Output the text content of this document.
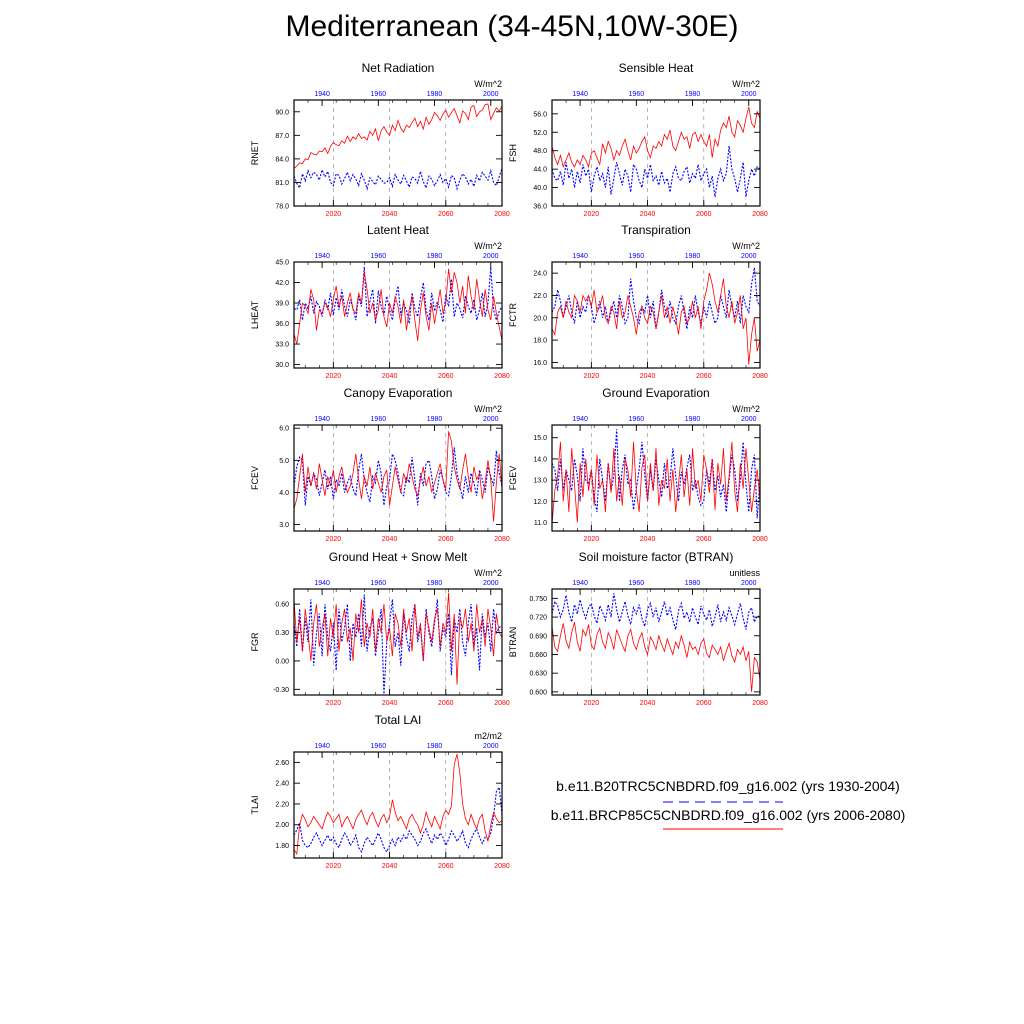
Mediterranean (34-45N,10W-30E)
Net Radiation
W/m^2
RNET
2020	2040	2060	2080
1940	1960	1980	2000
78.0
81.0
84.0
87.0
90.0
Sensible Heat
W/m^2
FSH
2020	2040	2060	2080
1940	1960	1980	2000
36.0
40.0
44.0
48.0
52.0
56.0
Latent Heat
W/m^2
LHEAT
2020	2040	2060	2080
1940	1960	1980	2000
30.0
33.0
36.0
39.0
42.0
45.0
Transpiration
W/m^2
FCTR
2020	2040	2060	2080
1940	1960	1980	2000
16.0
18.0
20.0
22.0
24.0
Canopy Evaporation
W/m^2
FCEV
2020	2040	2060	2080
1940	1960	1980	2000
3.0
4.0
5.0
6.0
Ground Evaporation
W/m^2
FGEV
2020	2040	2060	2080
1940	1960	1980	2000
11.0
12.0
13.0
14.0
15.0
Ground Heat + Snow Melt
W/m^2
FGR
2020	2040	2060	2080
1940	1960	1980	2000
-0.30
0.00
0.30
0.60
Soil moisture factor (BTRAN)
unitless
BTRAN
2020	2040	2060	2080
1940	1960	1980	2000
0.600
0.630
0.660
0.690
0.720
0.750
Total LAI
m2/m2
TLAI
2020	2040	2060	2080
1940	1960	1980	2000
1.80
2.00
2.20
2.40
2.60
b.e11.B20TRC5CNBDRD.f09_g16.002 (yrs 1930-2004)
b.e11.BRCP85C5CNBDRD.f09_g16.002 (yrs 2006-2080)
